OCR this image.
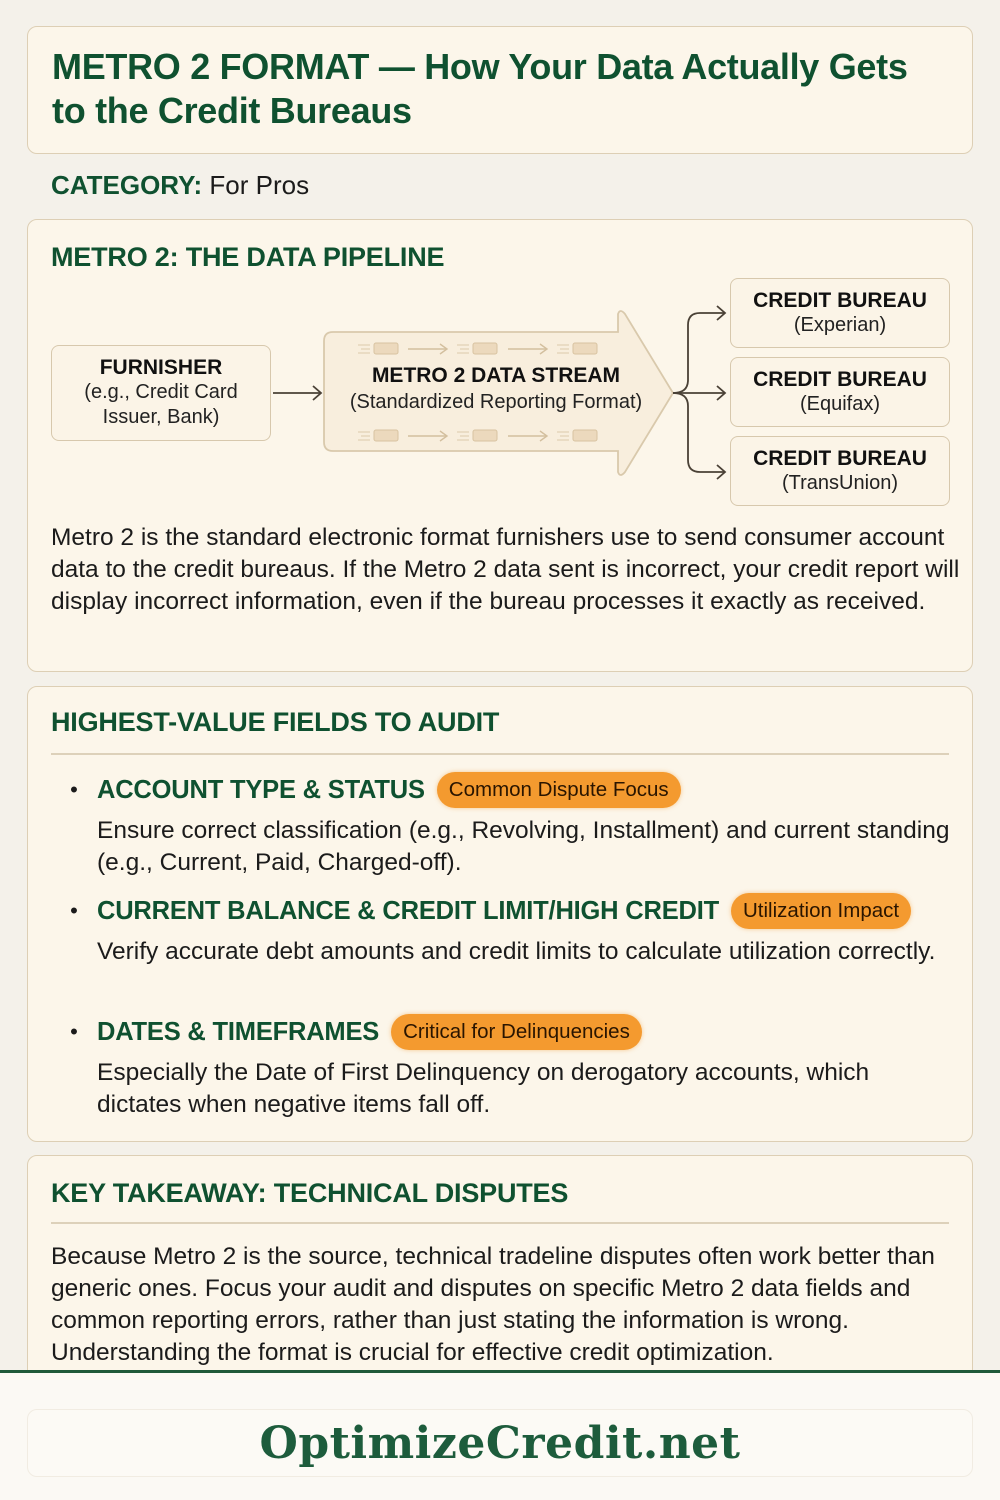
METRO 2 FORMAT — How Your Data Actually Gets to the Credit Bureaus
CATEGORY: For Pros
METRO 2: THE DATA PIPELINE
FURNISHER
(e.g., Credit Card Issuer, Bank)
METRO 2 DATA STREAM
(Standardized Reporting Format)
CREDIT BUREAU
(Experian)
CREDIT BUREAU
(Equifax)
CREDIT BUREAU
(TransUnion)

Metro 2 is the standard electronic format furnishers use to send consumer account data to the credit bureaus. If the Metro 2 data sent is incorrect, your credit report will display incorrect information, even if the bureau processes it exactly as received.

HIGHEST-VALUE FIELDS TO AUDIT
• ACCOUNT TYPE & STATUS	Common Dispute Focus
Ensure correct classification (e.g., Revolving, Installment) and current standing (e.g., Current, Paid, Charged-off).
• CURRENT BALANCE & CREDIT LIMIT/HIGH CREDIT	Utilization Impact
Verify accurate debt amounts and credit limits to calculate utilization correctly.
• DATES & TIMEFRAMES	Critical for Delinquencies
Especially the Date of First Delinquency on derogatory accounts, which dictates when negative items fall off.
KEY TAKEAWAY: TECHNICAL DISPUTES

Because Metro 2 is the source, technical tradeline disputes often work better than generic ones. Focus your audit and disputes on specific Metro 2 data fields and common reporting errors, rather than just stating the information is wrong. Understanding the format is crucial for effective credit optimization.

OptimizeCredit.net
